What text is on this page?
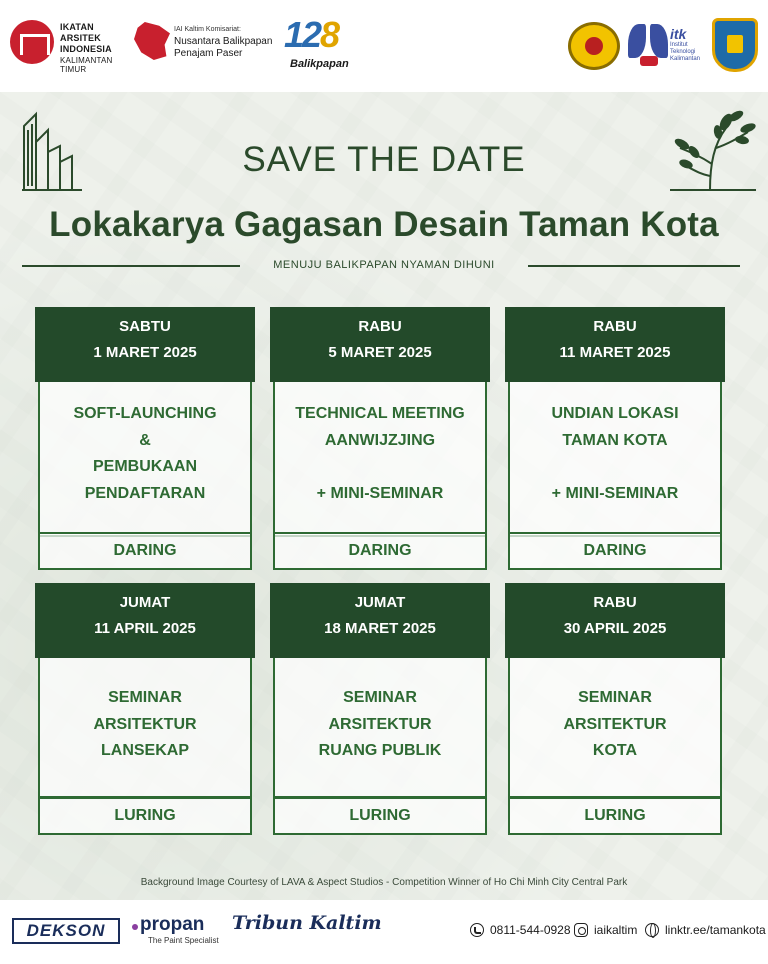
IKATAN
ARSITEK
INDONESIA
KALIMANTAN TIMUR
IAI Kaltim Komisariat:
Nusantara Balikpapan
Penajam Paser 128
Balikpapan
itk
Institut
Teknologi
Kalimantan
SAVE THE DATE
Lokakarya Gagasan Desain Taman Kota
MENUJU BALIKPAPAN NYAMAN DIHUNI
SABTU
1 MARET 2025
SOFT-LAUNCHING
&
PEMBUKAAN
PENDAFTARAN
DARING
RABU
5 MARET 2025
TECHNICAL MEETING
AANWIJZJING
+ MINI-SEMINAR
DARING
RABU
11 MARET 2025
UNDIAN LOKASI
TAMAN KOTA
+ MINI-SEMINAR
DARING
JUMAT
11 APRIL 2025
SEMINAR
ARSITEKTUR
LANSEKAP
LURING
JUMAT
18 MARET 2025
SEMINAR
ARSITEKTUR
RUANG PUBLIK
LURING
RABU
30 APRIL 2025
SEMINAR
ARSITEKTUR
KOTA
LURING
Background Image Courtesy of LAVA & Aspect Studios - Competition Winner of Ho Chi Minh City Central Park
DEKSON	propan
The Paint Specialist
Tribun Kaltim	0811-544-0928	iaikaltim	linktr.ee/tamankota
